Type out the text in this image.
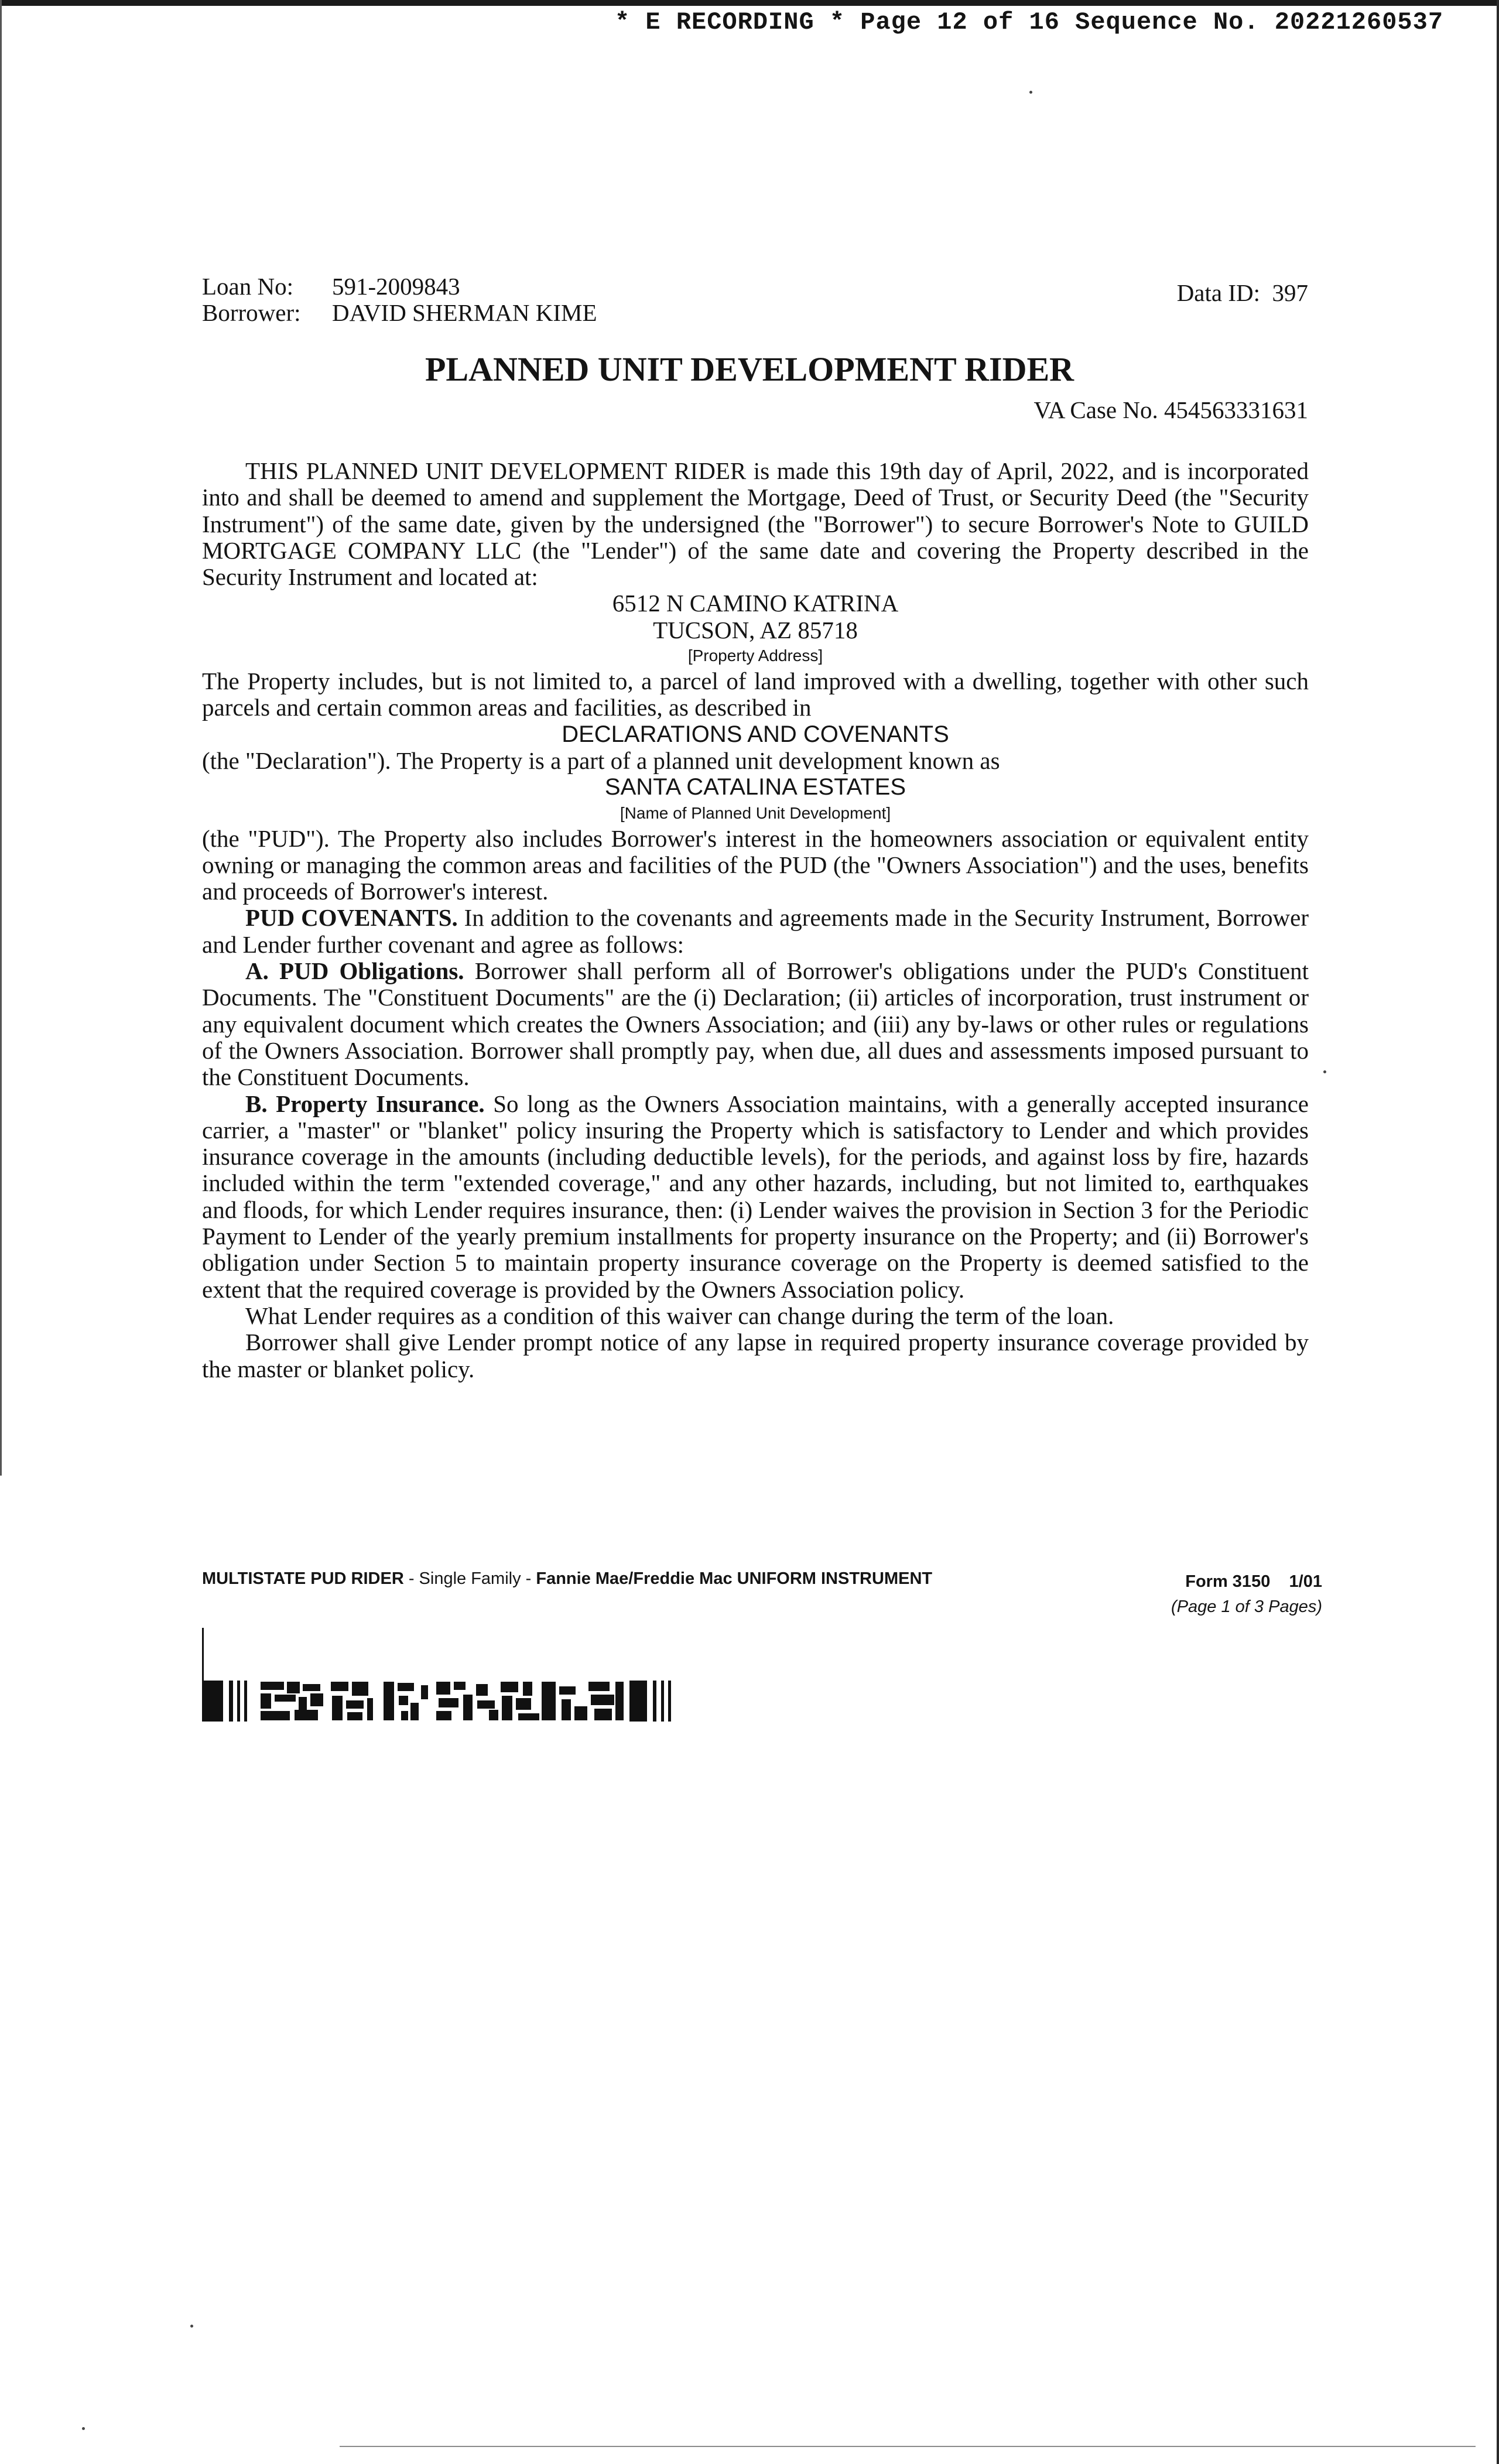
* E RECORDING * Page 12 of 16 Sequence No. 20221260537
Loan No: 591-2009843
Borrower: DAVID SHERMAN KIME
Data ID: 397
PLANNED UNIT DEVELOPMENT RIDER
VA Case No. 454563331631

THIS PLANNED UNIT DEVELOPMENT RIDER is made this 19th day of April, 2022, and is incorporated into and shall be deemed to amend and supplement the Mortgage, Deed of Trust, or Security Deed (the "Security Instrument") of the same date, given by the undersigned (the "Borrower") to secure Borrower's Note to GUILD MORTGAGE COMPANY LLC (the "Lender") of the same date and covering the Property described in the Security Instrument and located at:

6512 N CAMINO KATRINA

TUCSON, AZ 85718

[Property Address]

The Property includes, but is not limited to, a parcel of land improved with a dwelling, together with other such parcels and certain common areas and facilities, as described in

DECLARATIONS AND COVENANTS

(the "Declaration"). The Property is a part of a planned unit development known as

SANTA CATALINA ESTATES

[Name of Planned Unit Development]

(the "PUD"). The Property also includes Borrower's interest in the homeowners association or equivalent entity owning or managing the common areas and facilities of the PUD (the "Owners Association") and the uses, benefits and proceeds of Borrower's interest.

PUD COVENANTS. In addition to the covenants and agreements made in the Security Instrument, Borrower and Lender further covenant and agree as follows:

A. PUD Obligations. Borrower shall perform all of Borrower's obligations under the PUD's Constituent Documents. The "Constituent Documents" are the (i) Declaration; (ii) articles of incorporation, trust instrument or any equivalent document which creates the Owners Association; and (iii) any by-laws or other rules or regulations of the Owners Association. Borrower shall promptly pay, when due, all dues and assessments imposed pursuant to the Constituent Documents.

B. Property Insurance. So long as the Owners Association maintains, with a generally accepted insurance carrier, a "master" or "blanket" policy insuring the Property which is satisfactory to Lender and which provides insurance coverage in the amounts (including deductible levels), for the periods, and against loss by fire, hazards included within the term "extended coverage," and any other hazards, including, but not limited to, earthquakes and floods, for which Lender requires insurance, then: (i) Lender waives the provision in Section 3 for the Periodic Payment to Lender of the yearly premium installments for property insurance on the Property; and (ii) Borrower's obligation under Section 5 to maintain property insurance coverage on the Property is deemed satisfied to the extent that the required coverage is provided by the Owners Association policy.

What Lender requires as a condition of this waiver can change during the term of the loan.

Borrower shall give Lender prompt notice of any lapse in required property insurance coverage provided by the master or blanket policy.

MULTISTATE PUD RIDER - Single Family - Fannie Mae/Freddie Mac UNIFORM INSTRUMENT	Form 3150    1/01
(Page 1 of 3 Pages)
